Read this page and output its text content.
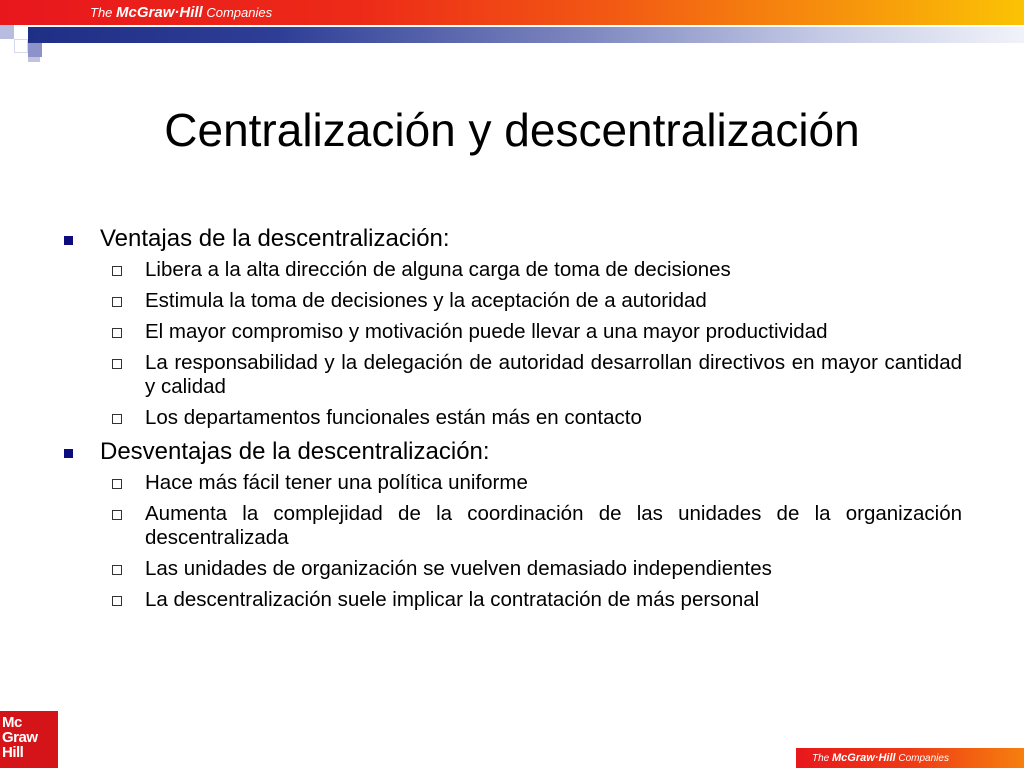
The McGraw·Hill Companies
Centralización y descentralización
Ventajas de la descentralización:
Libera a la alta dirección de alguna carga de toma de decisiones
Estimula la toma de decisiones y la aceptación de a autoridad
El mayor compromiso y motivación puede llevar a una mayor productividad
La responsabilidad y la delegación de autoridad desarrollan directivos en mayor cantidad y calidad
Los departamentos funcionales están más en contacto
Desventajas de la descentralización:
Hace más fácil tener una política uniforme
Aumenta la complejidad de la coordinación de las unidades de la organización descentralizada
Las unidades de organización se vuelven demasiado independientes
La descentralización suele implicar la contratación de más personal
Mc
Graw
Hill	The McGraw·Hill Companies
